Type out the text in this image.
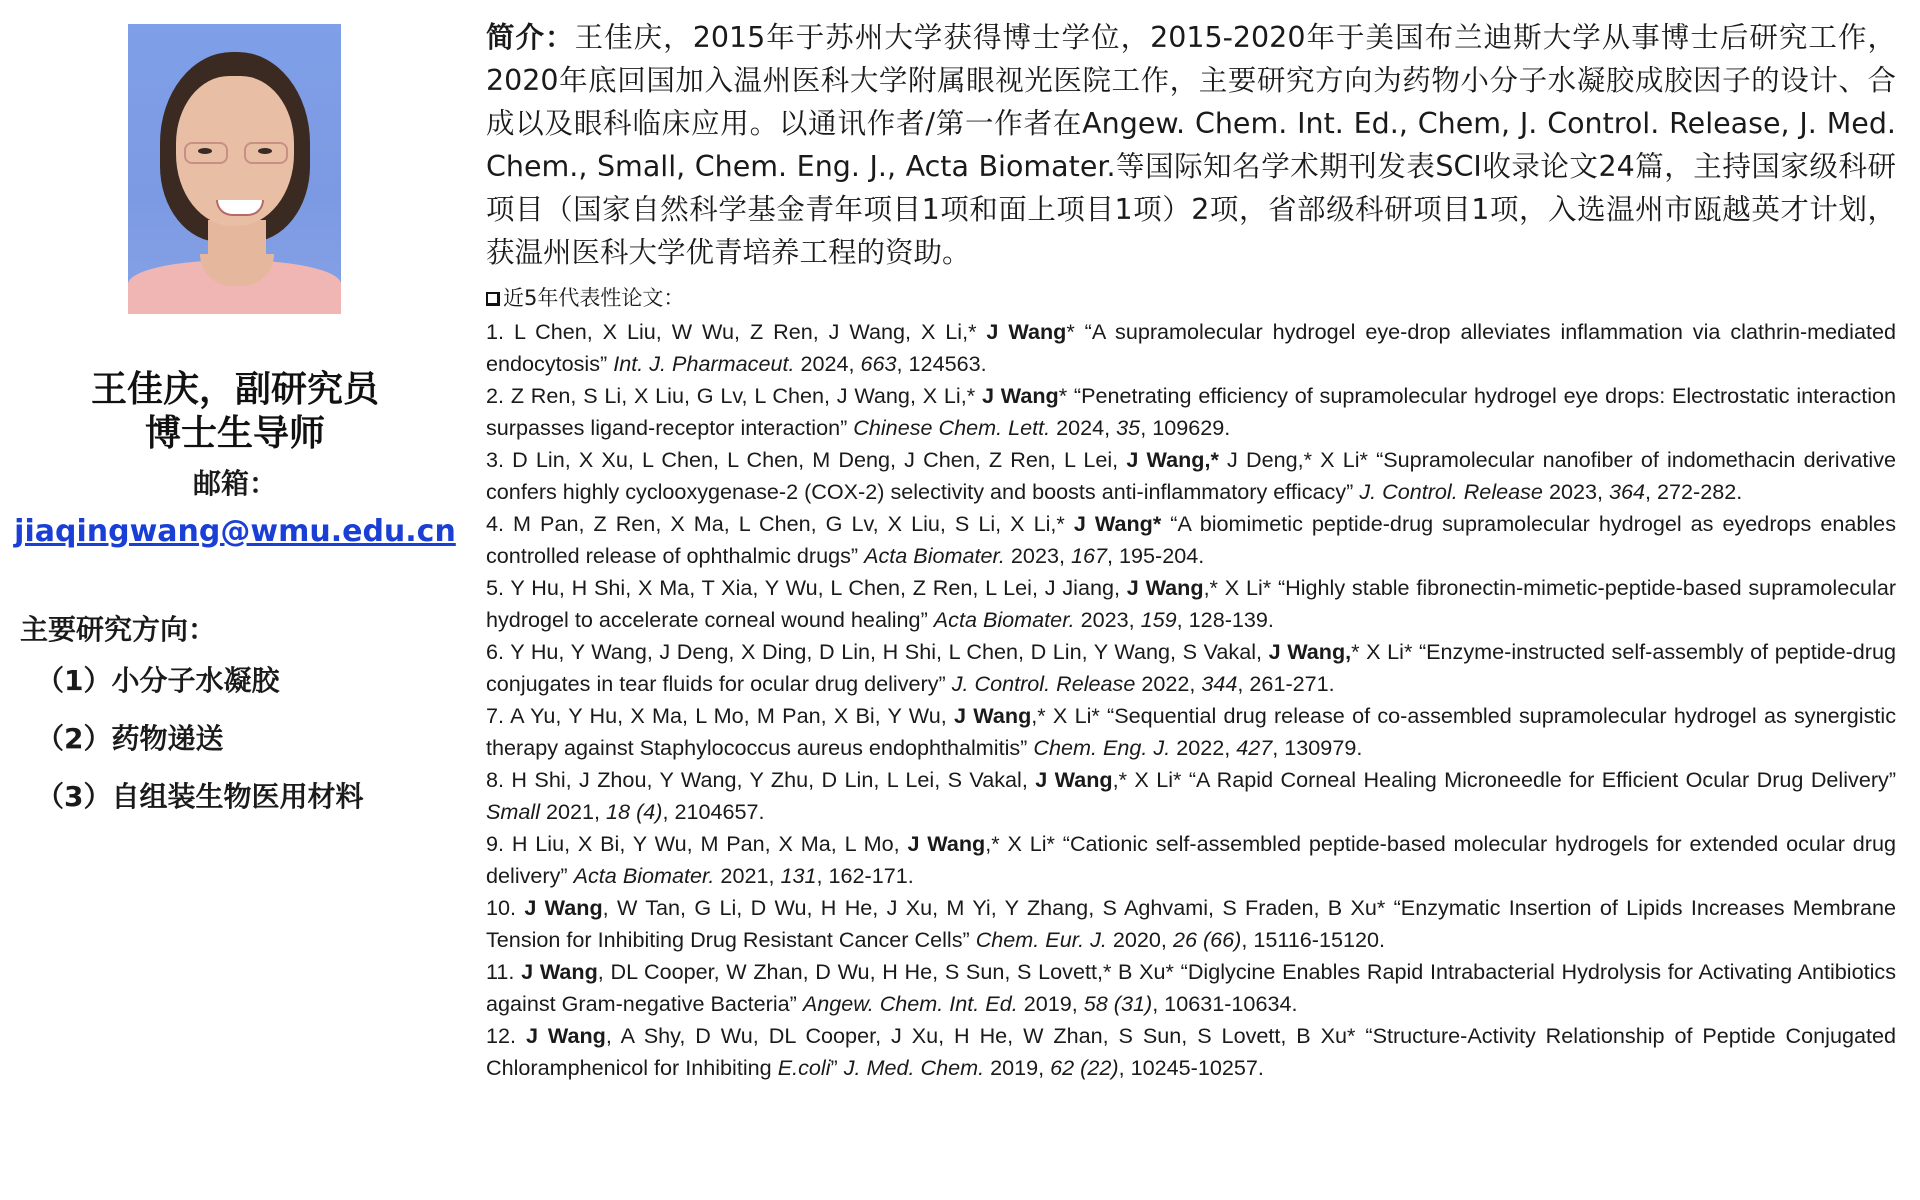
王佳庆，副研究员
博士生导师
邮箱：
jiaqingwang@wmu.edu.cn
主要研究方向：
（1）小分子水凝胶
（2）药物递送
（3）自组装生物医用材料
简介：王佳庆，2015年于苏州大学获得博士学位，2015-2020年于美国布兰迪斯大学从事博士后研究工作，2020年底回国加入温州医科大学附属眼视光医院工作，主要研究方向为药物小分子水凝胶成胶因子的设计、合成以及眼科临床应用。以通讯作者/第一作者在Angew. Chem. Int. Ed., Chem, J. Control. Release, J. Med. Chem., Small, Chem. Eng. J., Acta Biomater.等国际知名学术期刊发表SCI收录论文24篇，主持国家级科研项目（国家自然科学基金青年项目1项和面上项目1项）2项，省部级科研项目1项，入选温州市瓯越英才计划，获温州医科大学优青培养工程的资助。
近5年代表性论文：
1. L Chen, X Liu, W Wu, Z Ren, J Wang, X Li,* J Wang* “A supramolecular hydrogel eye-drop alleviates inflammation via clathrin-mediated endocytosis” Int. J. Pharmaceut. 2024, 663, 124563.
2. Z Ren, S Li, X Liu, G Lv, L Chen, J Wang, X Li,* J Wang* “Penetrating efficiency of supramolecular hydrogel eye drops: Electrostatic interaction surpasses ligand-receptor interaction” Chinese Chem. Lett. 2024, 35, 109629.
3. D Lin, X Xu, L Chen, L Chen, M Deng, J Chen, Z Ren, L Lei, J Wang,* J Deng,* X Li* “Supramolecular nanofiber of indomethacin derivative confers highly cyclooxygenase-2 (COX-2) selectivity and boosts anti-inflammatory efficacy” J. Control. Release 2023, 364, 272-282.
4. M Pan, Z Ren, X Ma, L Chen, G Lv, X Liu, S Li, X Li,* J Wang* “A biomimetic peptide-drug supramolecular hydrogel as eyedrops enables controlled release of ophthalmic drugs” Acta Biomater. 2023, 167, 195-204.
5. Y Hu, H Shi, X Ma, T Xia, Y Wu, L Chen, Z Ren, L Lei, J Jiang, J Wang,* X Li* “Highly stable fibronectin-mimetic-peptide-based supramolecular hydrogel to accelerate corneal wound healing” Acta Biomater. 2023, 159, 128-139.
6. Y Hu, Y Wang, J Deng, X Ding, D Lin, H Shi, L Chen, D Lin, Y Wang, S Vakal, J Wang,* X Li* “Enzyme-instructed self-assembly of peptide-drug conjugates in tear fluids for ocular drug delivery” J. Control. Release 2022, 344, 261-271.
7. A Yu, Y Hu, X Ma, L Mo, M Pan, X Bi, Y Wu, J Wang,* X Li* “Sequential drug release of co-assembled supramolecular hydrogel as synergistic therapy against Staphylococcus aureus endophthalmitis” Chem. Eng. J. 2022, 427, 130979.
8. H Shi, J Zhou, Y Wang, Y Zhu, D Lin, L Lei, S Vakal, J Wang,* X Li* “A Rapid Corneal Healing Microneedle for Efficient Ocular Drug Delivery” Small 2021, 18 (4), 2104657.
9. H Liu, X Bi, Y Wu, M Pan, X Ma, L Mo, J Wang,* X Li* “Cationic self-assembled peptide-based molecular hydrogels for extended ocular drug delivery” Acta Biomater. 2021, 131, 162-171.
10. J Wang, W Tan, G Li, D Wu, H He, J Xu, M Yi, Y Zhang, S Aghvami, S Fraden, B Xu* “Enzymatic Insertion of Lipids Increases Membrane Tension for Inhibiting Drug Resistant Cancer Cells” Chem. Eur. J. 2020, 26 (66), 15116-15120.
11. J Wang, DL Cooper, W Zhan, D Wu, H He, S Sun, S Lovett,* B Xu* “Diglycine Enables Rapid Intrabacterial Hydrolysis for Activating Antibiotics against Gram-negative Bacteria” Angew. Chem. Int. Ed. 2019, 58 (31), 10631-10634.
12. J Wang, A Shy, D Wu, DL Cooper, J Xu, H He, W Zhan, S Sun, S Lovett, B Xu* “Structure-Activity Relationship of Peptide Conjugated Chloramphenicol for Inhibiting E.coli” J. Med. Chem. 2019, 62 (22), 10245-10257.
